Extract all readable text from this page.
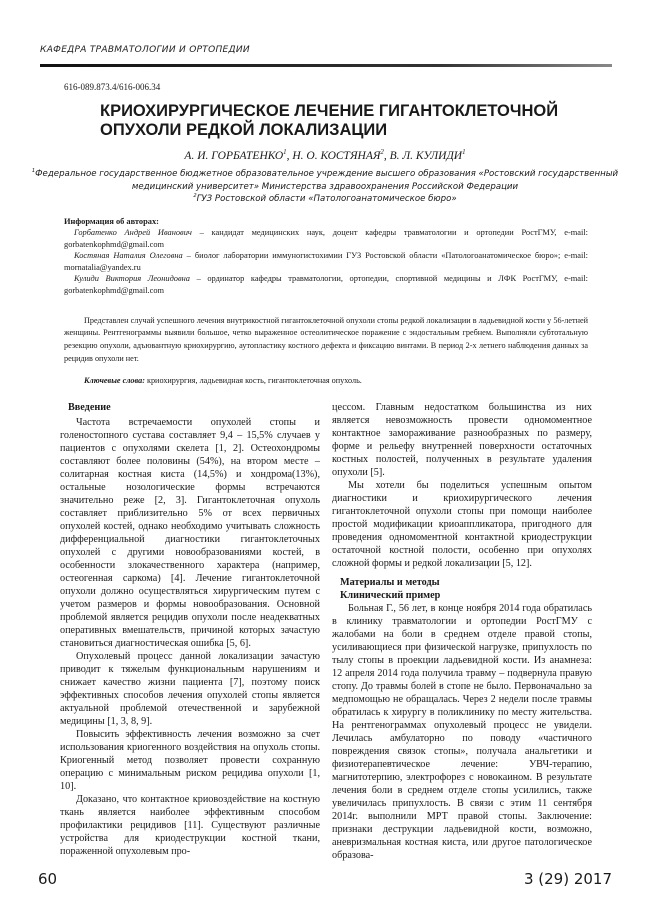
КАФЕДРА ТРАВМАТОЛОГИИ И ОРТОПЕДИИ
616-089.873.4/616-006.34
КРИОХИРУРГИЧЕСКОЕ ЛЕЧЕНИЕ ГИГАНТОКЛЕТОЧНОЙ ОПУХОЛИ РЕДКОЙ ЛОКАЛИЗАЦИИ
А. И. ГОРБАТЕНКО$^1$, Н. О. КОСТЯНАЯ$^2$, В. Л. КУЛИДИ$^1$
$^1$Федеральное государственное бюджетное образовательное учреждение высшего образования «Ростовский государственный медицинский университет» Министерства здравоохранения Российской Федерации
$^2$ГУЗ Ростовской области «Патологоанатомическое бюро»
Информация об авторах:
Горбатенко Андрей Иванович – кандидат медицинских наук, доцент кафедры травматологии и ортопедии РостГМУ, e-mail: gorbatenkophmd@gmail.com
Костяная Наталия Олеговна – биолог лаборатории иммуногистохимии ГУЗ Ростовской области «Патологоанатомическое бюро»; e-mail: mornatalia@yandex.ru
Кулиди Виктория Леонидовна – ординатор кафедры травматологии, ортопедии, спортивной медицины и ЛФК РостГМУ, e-mail: gorbatenkophmd@gmail.com
Представлен случай успешного лечения внутрикостной гигантоклеточной опухоли стопы редкой локализации в ладьевидной кости у 56-летней женщины. Рентгенограммы выявили большое, четко выраженное остеолитическое поражение с эндостальным гребнем. Выполняли субтотальную резекцию опухоли, адъювантную криохирургию, аутопластику костного дефекта и фиксацию винтами. В период 2-х летнего наблюдения данных за рецидив опухоли нет.
Ключевые слова: криохирургия, ладьевидная кость, гигантоклеточная опухоль.
Введение

Частота встречаемости опухолей стопы и голеностопного сустава составляет 9,4 – 15,5% случаев у пациентов с опухолями скелета [1, 2]. Остеохондромы составляют более половины (54%), на втором месте – солитарная костная киста (14,5%) и хондрома(13%), остальные нозологические формы встречаются значительно реже [2, 3]. Гигантоклеточная опухоль составляет приблизительно 5% от всех первичных опухолей костей, однако необходимо учитывать сложность дифференциальной диагностики гигантоклеточных опухолей с другими новообразованиями костей, в особенности злокачественного характера (например, остеогенная саркома) [4]. Лечение гигантоклеточной опухоли должно осуществляться хирургическим путем с учетом размеров и формы новообразования. Основной проблемой является рецидив опухоли после неадекватных оперативных вмешательств, причиной которых зачастую становиться диагностическая ошибка [5, 6].

Опухолевый процесс данной локализации зачастую приводит к тяжелым функциональным нарушениям и снижает качество жизни пациента [7], поэтому поиск эффективных способов лечения опухолей стопы является актуальной проблемой отечественной и зарубежной медицины [1, 3, 8, 9].

Повысить эффективность лечения возможно за счет использования криогенного воздействия на опухоль стопы. Криогенный метод позволяет провести сохранную операцию с минимальным риском рецидива опухоли [1, 10].

Доказано, что контактное криовоздействие на костную ткань является наиболее эффективным способом профилактики рецидивов [11]. Существуют различные устройства для криодеструкции костной ткани, пораженной опухолевым про-

цессом. Главным недостатком большинства из них является невозможность провести одномоментное контактное замораживание разнообразных по размеру, форме и рельефу внутренней поверхности остаточных костных полостей, полученных в результате удаления опухоли [5].

Мы хотели бы поделиться успешным опытом диагностики и криохирургического лечения гигантоклеточной опухоли стопы при помощи наиболее простой модификации криоаппликатора, пригодного для проведения одномоментной контактной криодеструкции остаточной костной полости, особенно при опухолях сложной формы и редкой локализации [5, 12].

Материалы и методы
Клинический пример

Больная Г., 56 лет, в конце ноября 2014 года обратилась в клинику травматологии и ортопедии РостГМУ с жалобами на боли в среднем отделе правой стопы, усиливающиеся при физической нагрузке, припухлость по тылу стопы в проекции ладьевидной кости. Из анамнеза: 12 апреля 2014 года получила травму – подвернула правую стопу. До травмы болей в стопе не было. Первоначально за медпомощью не обращалась. Через 2 недели после травмы обратилась к хирургу в поликлинику по месту жительства. На рентгенограммах опухолевый процесс не увидели. Лечилась амбулаторно по поводу «частичного повреждения связок стопы», получала анальгетики и физиотерапевтическое лечение: УВЧ-терапию, магнитотерпию, электрофорез с новокаином. В результате лечения боли в среднем отделе стопы усилились, также увеличилась припухлость. В связи с этим 11 сентября 2014г. выполнили МРТ правой стопы. Заключение: признаки деструкции ладьевидной кости, возможно, аневризмальная костная киста, или другое патологическое образова-

60	3 (29) 2017
